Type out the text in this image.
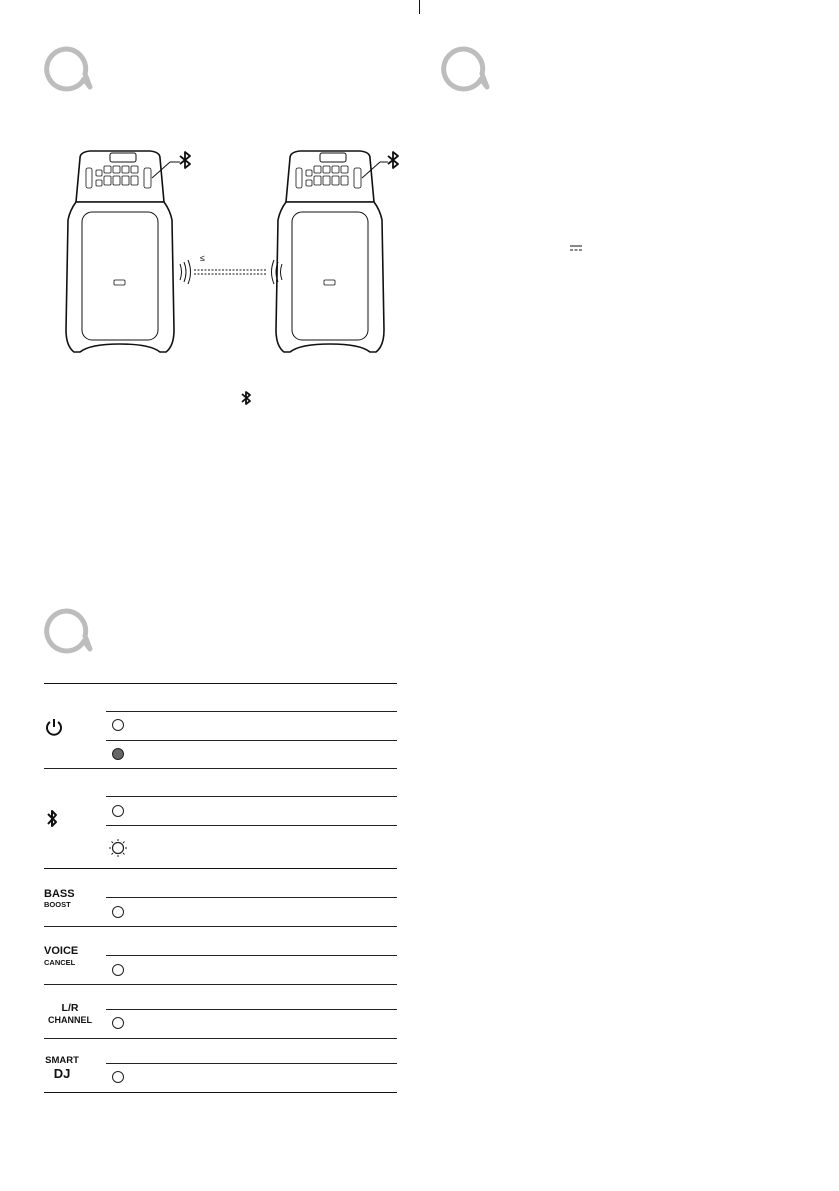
≤
BASS
BOOST
VOICE
CANCEL
L/R
CHANNEL
SMART
DJ
